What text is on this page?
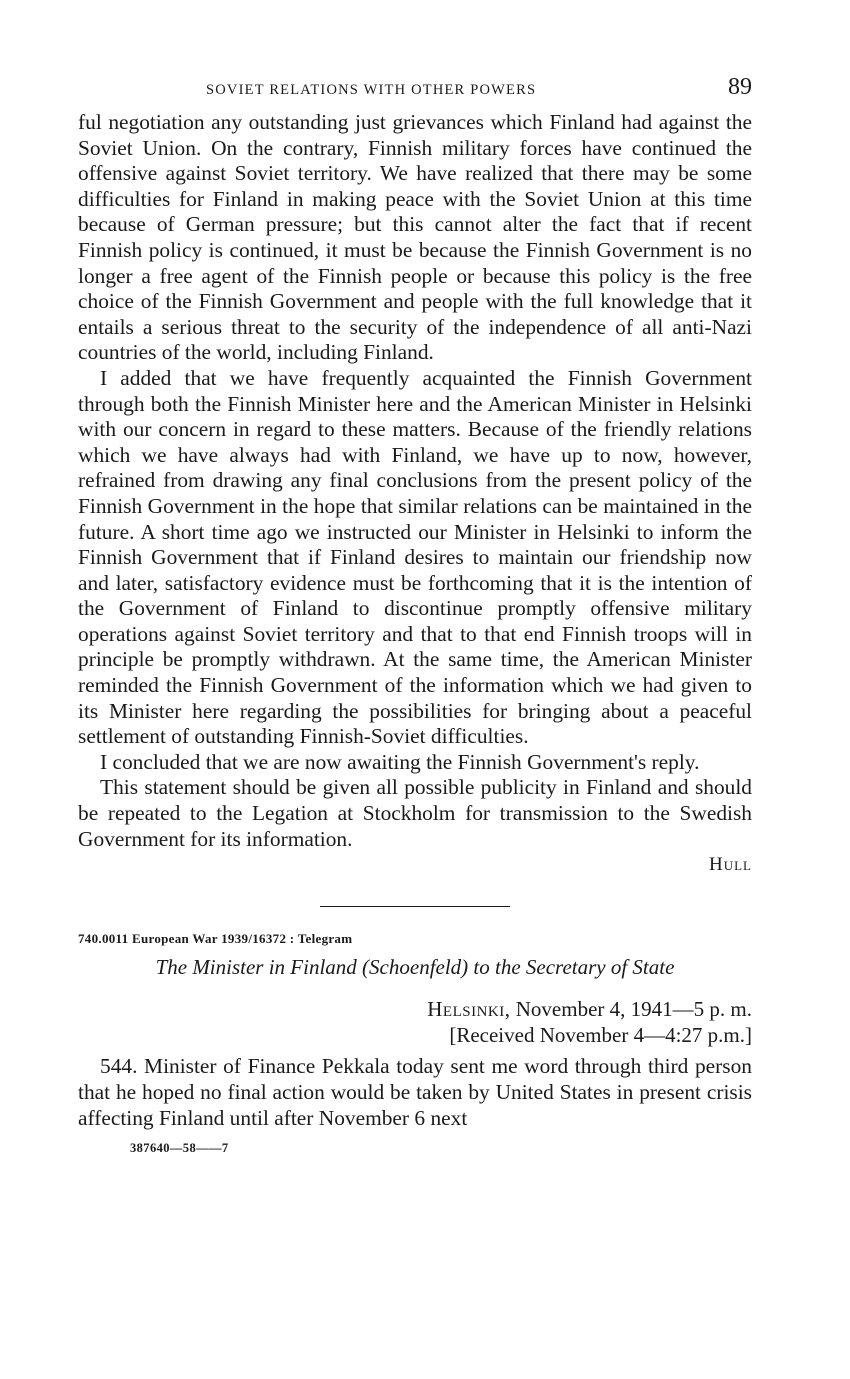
SOVIET RELATIONS WITH OTHER POWERS	89

ful negotiation any outstanding just grievances which Finland had against the Soviet Union. On the contrary, Finnish military forces have continued the offensive against Soviet territory. We have realized that there may be some difficulties for Finland in making peace with the Soviet Union at this time because of German pressure; but this cannot alter the fact that if recent Finnish policy is continued, it must be because the Finnish Government is no longer a free agent of the Finnish people or because this policy is the free choice of the Finnish Government and people with the full knowledge that it entails a serious threat to the security of the independence of all anti-Nazi countries of the world, including Finland.

I added that we have frequently acquainted the Finnish Government through both the Finnish Minister here and the American Minister in Helsinki with our concern in regard to these matters. Because of the friendly relations which we have always had with Finland, we have up to now, however, refrained from drawing any final conclusions from the present policy of the Finnish Government in the hope that similar relations can be maintained in the future. A short time ago we instructed our Minister in Helsinki to inform the Finnish Government that if Finland desires to maintain our friendship now and later, satisfactory evidence must be forthcoming that it is the intention of the Government of Finland to discontinue promptly offensive military operations against Soviet territory and that to that end Finnish troops will in principle be promptly withdrawn. At the same time, the American Minister reminded the Finnish Government of the information which we had given to its Minister here regarding the possibilities for bringing about a peaceful settlement of outstanding Finnish-Soviet difficulties.

I concluded that we are now awaiting the Finnish Government's reply.

This statement should be given all possible publicity in Finland and should be repeated to the Legation at Stockholm for transmission to the Swedish Government for its information.

Hull
740.0011 European War 1939/16372 : Telegram
The Minister in Finland (Schoenfeld) to the Secretary of State
Helsinki, November 4, 1941—5 p. m.
[Received November 4—4:27 p.m.]

544. Minister of Finance Pekkala today sent me word through third person that he hoped no final action would be taken by United States in present crisis affecting Finland until after November 6 next

387640—58——7
